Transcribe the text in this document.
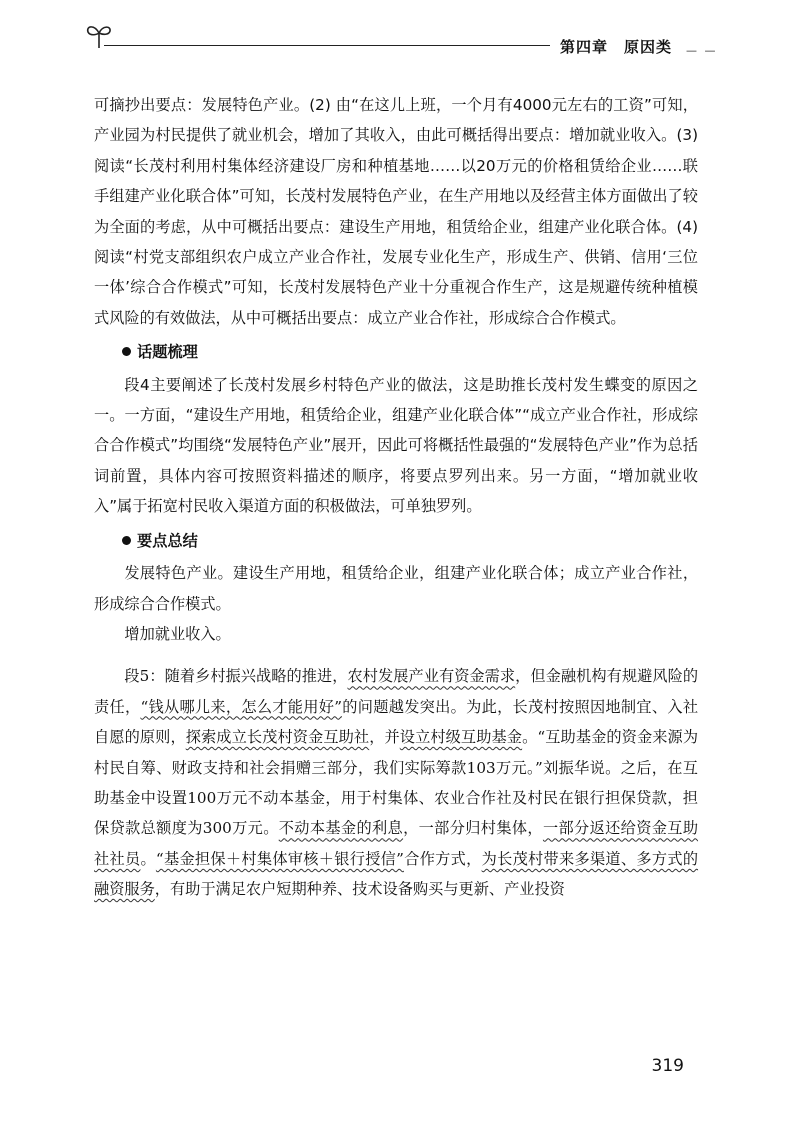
第四章　原因类 — —

可摘抄出要点：发展特色产业。(2) 由“在这儿上班，一个月有4000元左右的工资”可知，产业园为村民提供了就业机会，增加了其收入，由此可概括得出要点：增加就业收入。(3) 阅读“长茂村利用村集体经济建设厂房和种植基地……以20万元的价格租赁给企业……联手组建产业化联合体”可知，长茂村发展特色产业，在生产用地以及经营主体方面做出了较为全面的考虑，从中可概括出要点：建设生产用地，租赁给企业，组建产业化联合体。(4) 阅读“村党支部组织农户成立产业合作社，发展专业化生产，形成生产、供销、信用‘三位一体’综合合作模式”可知，长茂村发展特色产业十分重视合作生产，这是规避传统种植模式风险的有效做法，从中可概括出要点：成立产业合作社，形成综合合作模式。

话题梳理

段4主要阐述了长茂村发展乡村特色产业的做法，这是助推长茂村发生蝶变的原因之一。一方面，“建设生产用地，租赁给企业，组建产业化联合体”“成立产业合作社，形成综合合作模式”均围绕“发展特色产业”展开，因此可将概括性最强的“发展特色产业”作为总括词前置，具体内容可按照资料描述的顺序，将要点罗列出来。另一方面，“增加就业收入”属于拓宽村民收入渠道方面的积极做法，可单独罗列。

要点总结

发展特色产业。建设生产用地，租赁给企业，组建产业化联合体；成立产业合作社，形成综合合作模式。

增加就业收入。

段5：随着乡村振兴战略的推进，农村发展产业有资金需求，但金融机构有规避风险的责任，“钱从哪儿来，怎么才能用好”的问题越发突出。为此，长茂村按照因地制宜、入社自愿的原则，探索成立长茂村资金互助社，并设立村级互助基金。“互助基金的资金来源为村民自筹、财政支持和社会捐赠三部分，我们实际筹款103万元。”刘振华说。之后，在互助基金中设置100万元不动本基金，用于村集体、农业合作社及村民在银行担保贷款，担保贷款总额度为300万元。不动本基金的利息，一部分归村集体，一部分返还给资金互助社社员。“基金担保＋村集体审核＋银行授信”合作方式，为长茂村带来多渠道、多方式的融资服务，有助于满足农户短期种养、技术设备购买与更新、产业投资

319
